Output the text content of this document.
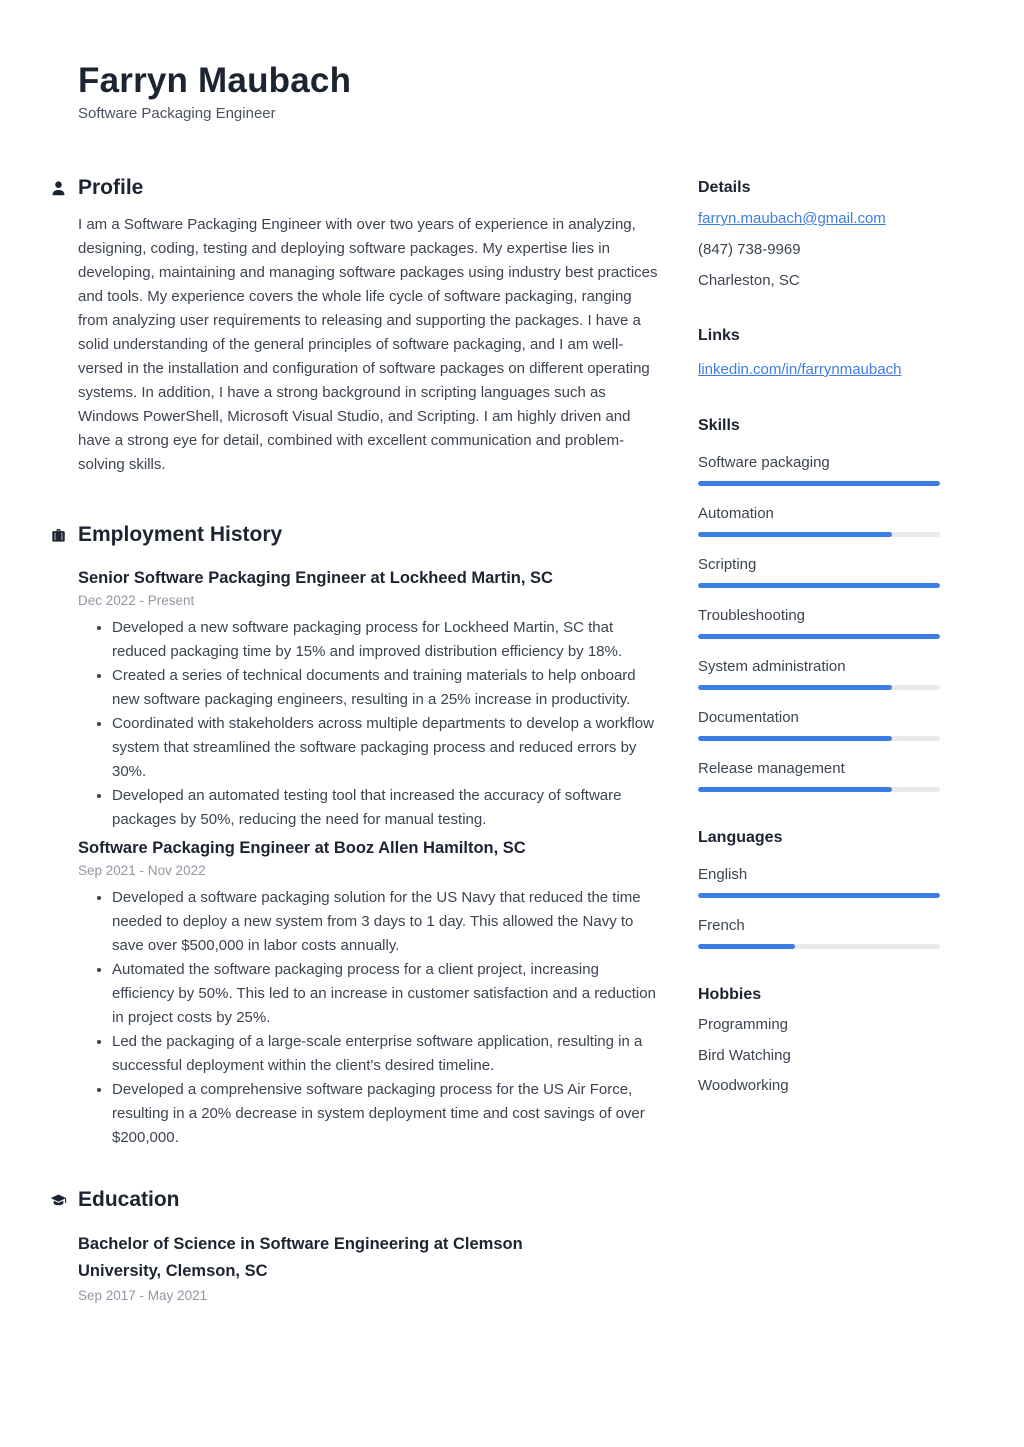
Farryn Maubach
Software Packaging Engineer
Profile

I am a Software Packaging Engineer with over two years of experience in analyzing, designing, coding, testing and deploying software packages. My expertise lies in developing, maintaining and managing software packages using industry best practices and tools. My experience covers the whole life cycle of software packaging, ranging from analyzing user requirements to releasing and supporting the packages. I have a solid understanding of the general principles of software packaging, and I am well-versed in the installation and configuration of software packages on different operating systems. In addition, I have a strong background in scripting languages such as Windows PowerShell, Microsoft Visual Studio, and Scripting. I am highly driven and have a strong eye for detail, combined with excellent communication and problem-solving skills.

Employment History
Senior Software Packaging Engineer at Lockheed Martin, SC
Dec 2022 - Present
• Developed a new software packaging process for Lockheed Martin, SC that reduced packaging time by 15% and improved distribution efficiency by 18%.
• Created a series of technical documents and training materials to help onboard new software packaging engineers, resulting in a 25% increase in productivity.
• Coordinated with stakeholders across multiple departments to develop a workflow system that streamlined the software packaging process and reduced errors by 30%.
• Developed an automated testing tool that increased the accuracy of software packages by 50%, reducing the need for manual testing.
Software Packaging Engineer at Booz Allen Hamilton, SC
Sep 2021 - Nov 2022
• Developed a software packaging solution for the US Navy that reduced the time needed to deploy a new system from 3 days to 1 day. This allowed the Navy to save over $500,000 in labor costs annually.
• Automated the software packaging process for a client project, increasing efficiency by 50%. This led to an increase in customer satisfaction and a reduction in project costs by 25%.
• Led the packaging of a large-scale enterprise software application, resulting in a successful deployment within the client's desired timeline.
• Developed a comprehensive software packaging process for the US Air Force, resulting in a 20% decrease in system deployment time and cost savings of over $200,000.
Education
Bachelor of Science in Software Engineering at Clemson University, Clemson, SC
Sep 2017 - May 2021
Details
farryn.maubach@gmail.com
(847) 738-9969
Charleston, SC
Links
linkedin.com/in/farrynmaubach
Skills
Software packaging
Automation
Scripting
Troubleshooting
System administration
Documentation
Release management
Languages
English
French
Hobbies
Programming
Bird Watching
Woodworking
